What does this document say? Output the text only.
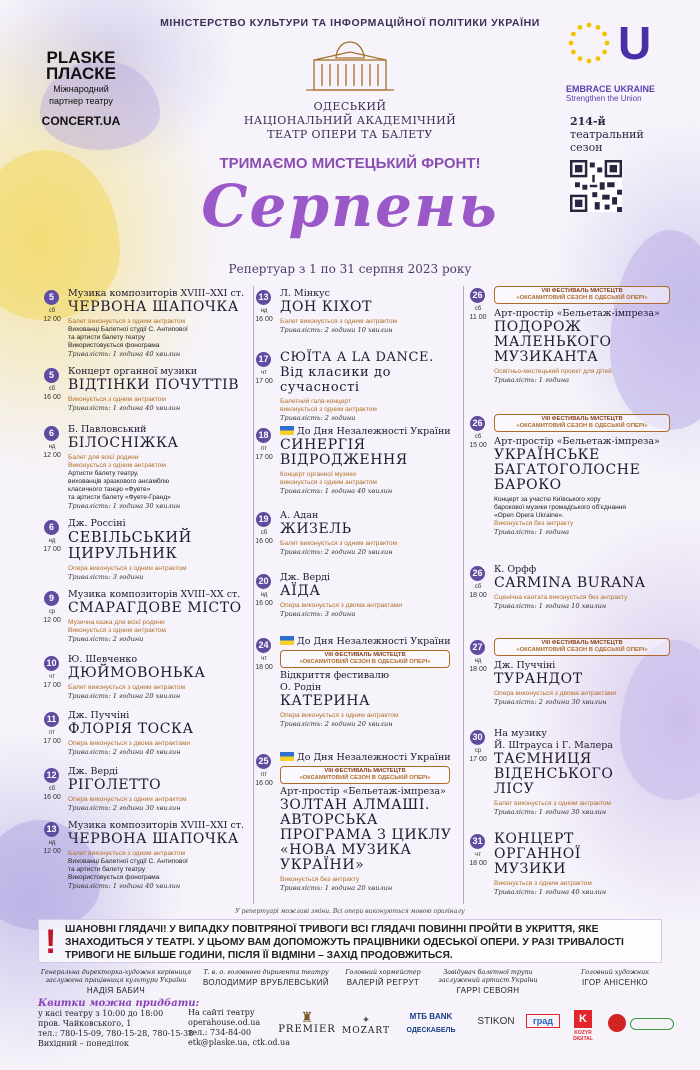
МІНІСТЕРСТВО КУЛЬТУРИ ТА ІНФОРМАЦІЙНОЇ ПОЛІТИКИ УКРАЇНИ
PLASKE
ПЛАСКЕ
Міжнародний
партнер театру
CONCERT.UA
ОДЕСЬКИЙ
НАЦІОНАЛЬНИЙ АКАДЕМІЧНИЙ
ТЕАТР ОПЕРИ ТА БАЛЕТУ
ТРИМАЄМО МИСТЕЦЬКИЙ ФРОНТ!
Серпень
Репертуар з 1 по 31 серпня 2023 року
U
EMBRACE UKRAINE
Strengthen the Union
214-й
театральний
сезон
5
сб
12 00
Музика композиторів XVIII–XXI ст.
ЧЕРВОНА ШАПОЧКА
Балет виконується з одним антрактом
Вихованці Балетної студії С. Антипової
та артисти балету театру
Використовується фонограма
Тривалість: 1 година 40 хвилин
5
сб
16 00
Концерт органної музики
ВІДТІНКИ ПОЧУТТІВ
Виконується з одним антрактом
Тривалість: 1 година 40 хвилин
6
нд
12 00
Б. Павловський
БІЛОСНІЖКА
Балет для всієї родини
Виконується з одним антрактом
Артисти балету театру,
вихованців зразкового ансамблю
класичного танцю «Фуете»
та артисти балету «Фуете-Гранд»
Тривалість: 1 година 30 хвилин
6
нд
17 00
Дж. Россіні
СЕВІЛЬСЬКИЙ ЦИРУЛЬНИК
Опера виконується з одним антрактом
Тривалість: 3 години
9
ср
12 00
Музика композиторів XVIII–XX ст.
СМАРАГДОВЕ МІСТО
Музична казка для всієї родини
Виконується з одним антрактом
Тривалість: 2 години
10
чт
17 00
Ю. Шевченко
ДЮЙМОВОНЬКА
Балет виконується з одним антрактом
Тривалість: 1 година 20 хвилин
11
пт
17 00
Дж. Пуччіні
ФЛОРІЯ ТОСКА
Опера виконується з двома антрактами
Тривалість: 2 години 40 хвилин
12
сб
16 00
Дж. Верді
РІГОЛЕТТО
Опера виконується з одним антрактом
Тривалість: 2 години 30 хвилин
13
нд
12 00
Музика композиторів XVIII–XXI ст.
ЧЕРВОНА ШАПОЧКА
Балет виконується з одним антрактом
Вихованці Балетної студії С. Антипової
та артисти балету театру
Використовується фонограма
Тривалість: 1 година 40 хвилин
13
нд
16 00
Л. Мінкус
ДОН КІХОТ
Балет виконується з одним антрактом
Тривалість: 2 години 10 хвилин
17
чт
17 00
СЮЇТА A LA DANCE. Від класики до сучасності
Балетний гала-концерт
виконується з одним антрактом
Тривалість: 2 години
18
пт
17 00
До Дня Незалежності України
СИНЕРГІЯ ВІДРОДЖЕННЯ
Концерт органної музики
виконується з одним антрактом
Тривалість: 1 година 40 хвилин
19
сб
16 00
А. Адан
ЖИЗЕЛЬ
Балет виконується з одним антрактом
Тривалість: 2 години 20 хвилин
20
нд
16 00
Дж. Верді
АЇДА
Опера виконується з двома антрактами
Тривалість: 3 години
24
чт
18 00
До Дня Незалежності України
VIII ФЕСТИВАЛЬ МИСТЕЦТВ
«ОКСАМИТОВИЙ СЕЗОН В ОДЕСЬКІЙ ОПЕРІ»
Відкриття фестивалю
О. Родін
КАТЕРИНА
Опера виконується з одним антрактом
Тривалість: 2 години 20 хвилин
25
пт
16 00
До Дня Незалежності України
VIII ФЕСТИВАЛЬ МИСТЕЦТВ
«ОКСАМИТОВИЙ СЕЗОН В ОДЕСЬКІЙ ОПЕРІ»
Арт-простір «Бельетаж-імпреза»
ЗОЛТАН АЛМАШІ. АВТОРСЬКА ПРОГРАМА З ЦИКЛУ «НОВА МУЗИКА УКРАЇНИ»
Виконується без антракту
Тривалість: 1 година 20 хвилин
26
сб
11 00
VIII ФЕСТИВАЛЬ МИСТЕЦТВ
«ОКСАМИТОВИЙ СЕЗОН В ОДЕСЬКІЙ ОПЕРІ»
Арт-простір «Бельетаж-імпреза»
ПОДОРОЖ МАЛЕНЬКОГО МУЗИКАНТА
Освітньо-мистецький проект для дітей
Тривалість: 1 година
26
сб
15 00
VIII ФЕСТИВАЛЬ МИСТЕЦТВ
«ОКСАМИТОВИЙ СЕЗОН В ОДЕСЬКІЙ ОПЕРІ»
Арт-простір «Бельетаж-імпреза»
УКРАЇНСЬКЕ БАГАТОГОЛОСНЕ БАРОКО
Концерт за участю Київського хору
барокової музики громадського об'єднання
«Open Opera Ukraine».
Виконується без антракту
Тривалість: 1 година
26
сб
18 00
К. Орфф
CARMINA BURANA
Сценічна кантата виконується без антракту
Тривалість: 1 година 10 хвилин
27
нд
18 00
VIII ФЕСТИВАЛЬ МИСТЕЦТВ
«ОКСАМИТОВИЙ СЕЗОН В ОДЕСЬКІЙ ОПЕРІ»
Дж. Пуччіні
ТУРАНДОТ
Опера виконується з двома антрактами
Тривалість: 2 години 30 хвилин
30
ср
17 00
На музику
Й. Штрауса і Г. Малера
ТАЄМНИЦЯ ВІДЕНСЬКОГО ЛІСУ
Балет виконується з одним антрактом
Тривалість: 1 година 30 хвилин
31
чт
18 00
КОНЦЕРТ ОРГАННОЇ МУЗИКИ
Виконується з одним антрактом
Тривалість: 1 година 40 хвилин
У репертуарі можливі зміни. Всі опери виконуються мовою оригіналу
! ШАНОВНІ ГЛЯДАЧІ! У ВИПАДКУ ПОВІТРЯНОЇ ТРИВОГИ ВСІ ГЛЯДАЧІ ПОВИННІ ПРОЙТИ В УКРИТТЯ, ЯКЕ ЗНАХОДИТЬСЯ У ТЕАТРІ. У ЦЬОМУ ВАМ ДОПОМОЖУТЬ ПРАЦІВНИКИ ОДЕСЬКОЇ ОПЕРИ. У РАЗІ ТРИВАЛОСТІ ТРИВОГИ НЕ БІЛЬШЕ ГОДИНИ, ПІСЛЯ ЇЇ ВІДМІНИ – ЗАХІД ПРОДОВЖИТЬСЯ.
Генеральна директорка-художня керівниця
заслужена працівниця культури України
НАДІЯ БАБИЧ
Т. в. о. головного диригента театру
ВОЛОДИМИР ВРУБЛЕВСЬКИЙ
Головний хормейстер
ВАЛЕРІЙ РЕГРУТ
Завідувач балетної трупи
заслужений артист України
ГАРРІ СЕВОЯН
Головний художник
ІГОР АНІСЕНКО
Квитки можна придбати:
у касі театру з 10:00 до 18:00
пров. Чайковського, 1
тел.: 780-15-09, 780-15-28, 780-15-38
Вихідний – понеділок
На сайті театру
operahouse.od.ua
тел.: 734-84-00
etk@plaske.ua, ctk.od.ua
♜
PREMIER
✦
MOZART
МТБ BANK
ОДЕСКАБЕЛЬ
STIKON	град	K
KOZYR DIGITAL
